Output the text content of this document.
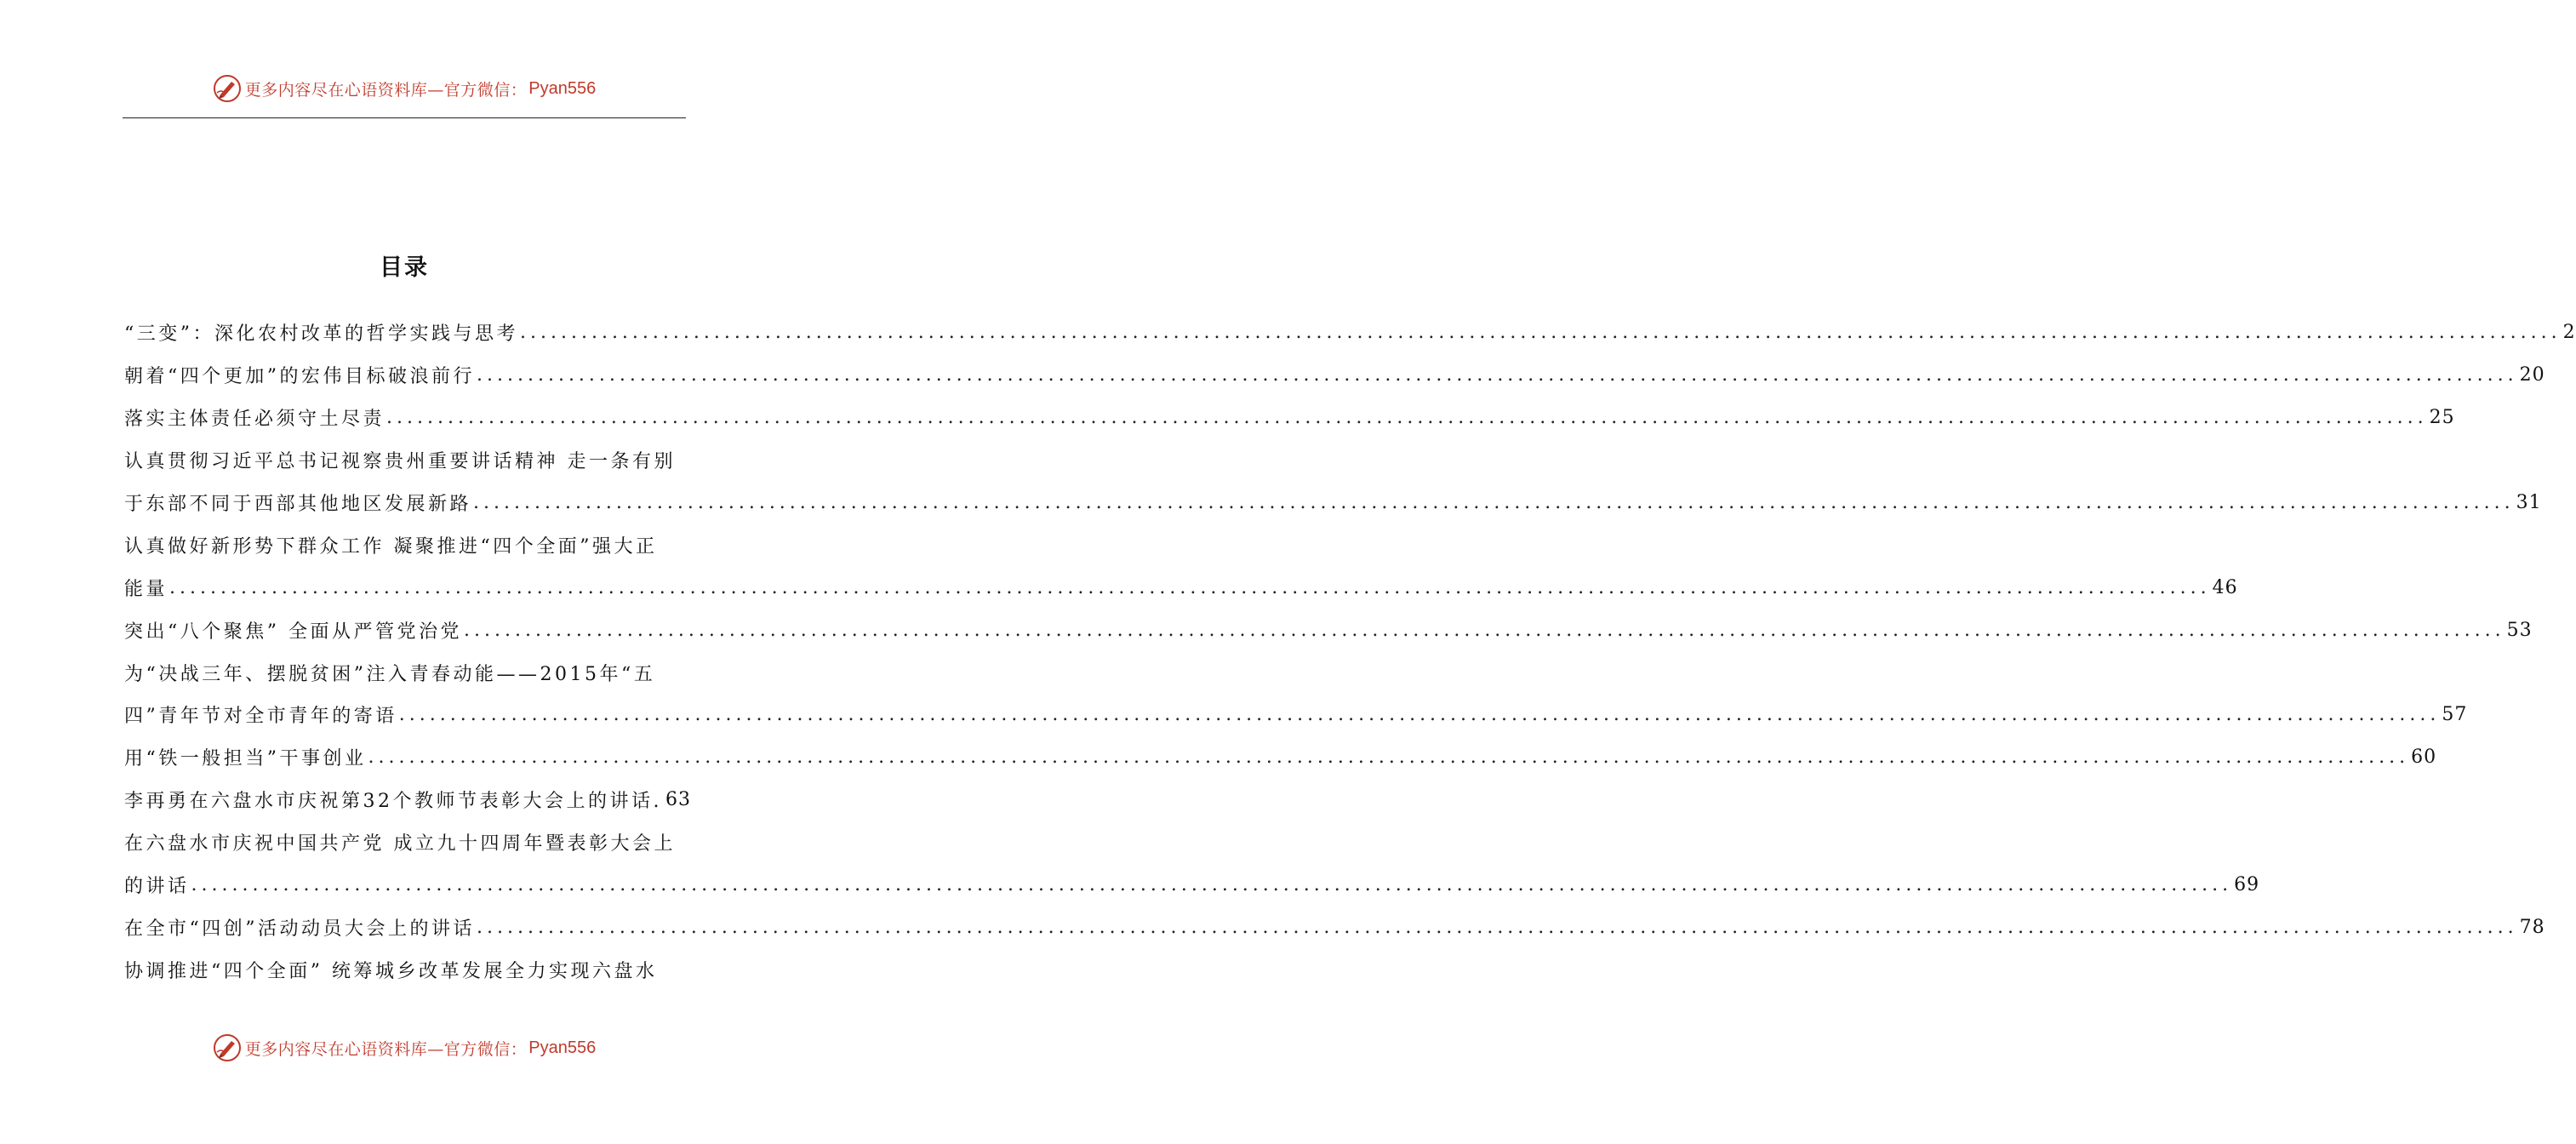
更多内容尽在心语资料库—官方微信： Pyan556
目录
“三变”：深化农村改革的哲学实践与思考 ........................................................................................................................................................................................................ 2
朝着“四个更加”的宏伟目标破浪前行 ........................................................................................................................................................................................................ 20
落实主体责任必须守土尽责 ........................................................................................................................................................................................................ 25
认真贯彻习近平总书记视察贵州重要讲话精神 走一条有别
于东部不同于西部其他地区发展新路 ........................................................................................................................................................................................................ 31
认真做好新形势下群众工作 凝聚推进“四个全面”强大正
能量 ........................................................................................................................................................................................................ 46
突出“八个聚焦” 全面从严管党治党 ........................................................................................................................................................................................................ 53
为“决战三年、摆脱贫困”注入青春动能——2015年“五
四”青年节对全市青年的寄语 ........................................................................................................................................................................................................ 57
用“铁一般担当”干事创业 ........................................................................................................................................................................................................ 60
李再勇在六盘水市庆祝第32个教师节表彰大会上的讲话. 63
在六盘水市庆祝中国共产党 成立九十四周年暨表彰大会上
的讲话 ........................................................................................................................................................................................................ 69
在全市“四创”活动动员大会上的讲话 ........................................................................................................................................................................................................ 78
协调推进“四个全面” 统筹城乡改革发展全力实现六盘水
更多内容尽在心语资料库—官方微信： Pyan556
